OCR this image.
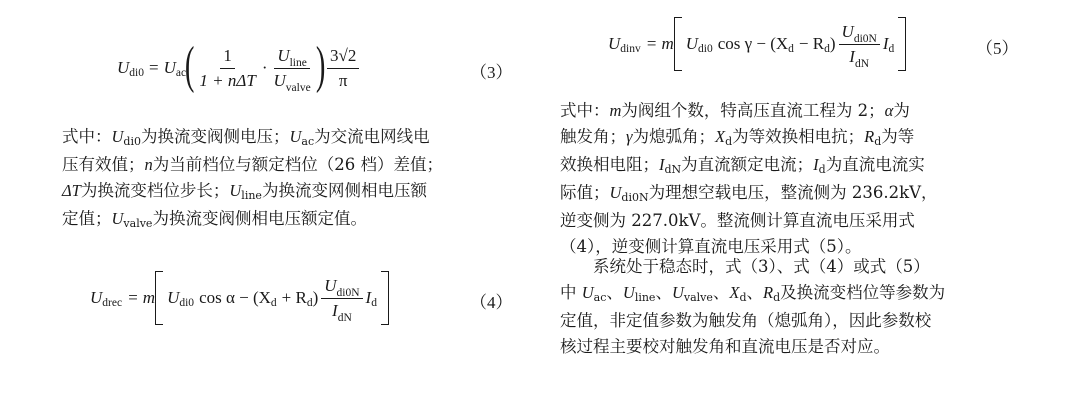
U di0 = U ac
( $\frac{1}{\text{1 + nΔT}} \cdot \frac{U_{line}}{U_{valve}}$ ) $\frac{3√2}{\pi}$	（3）
式中：Udi0为换流变阀侧电压；Uac为交流电网线电
压有效值；n为当前档位与额定档位（26 档）差值；
ΔT为换流变档位步长；Uline为换流变网侧相电压额
定值；Uvalve为换流变阀侧相电压额定值。
U drec = m U di0 cos α − (X d + R d ) $\frac{U_{di0N}}{I_{dN}}$ I d	（4）
U dinv = m U di0 cos γ − (X d − R d ) $\frac{U_{di0N}}{I_{dN}}$ I d	（5）
式中：m为阀组个数，特高压直流工程为 2；α为
触发角；γ为熄弧角；Xd为等效换相电抗；Rd为等
效换相电阻；IdN为直流额定电流；Id为直流电流实
际值；Udi0N为理想空载电压，整流侧为 236.2kV，
逆变侧为 227.0kV。整流侧计算直流电压采用式
（4），逆变侧计算直流电压采用式（5）。
系统处于稳态时，式（3）、式（4）或式（5）
中 Uac、Uline、Uvalve、Xd、Rd及换流变档位等参数为
定值，非定值参数为触发角（熄弧角），因此参数校
核过程主要校对触发角和直流电压是否对应。
